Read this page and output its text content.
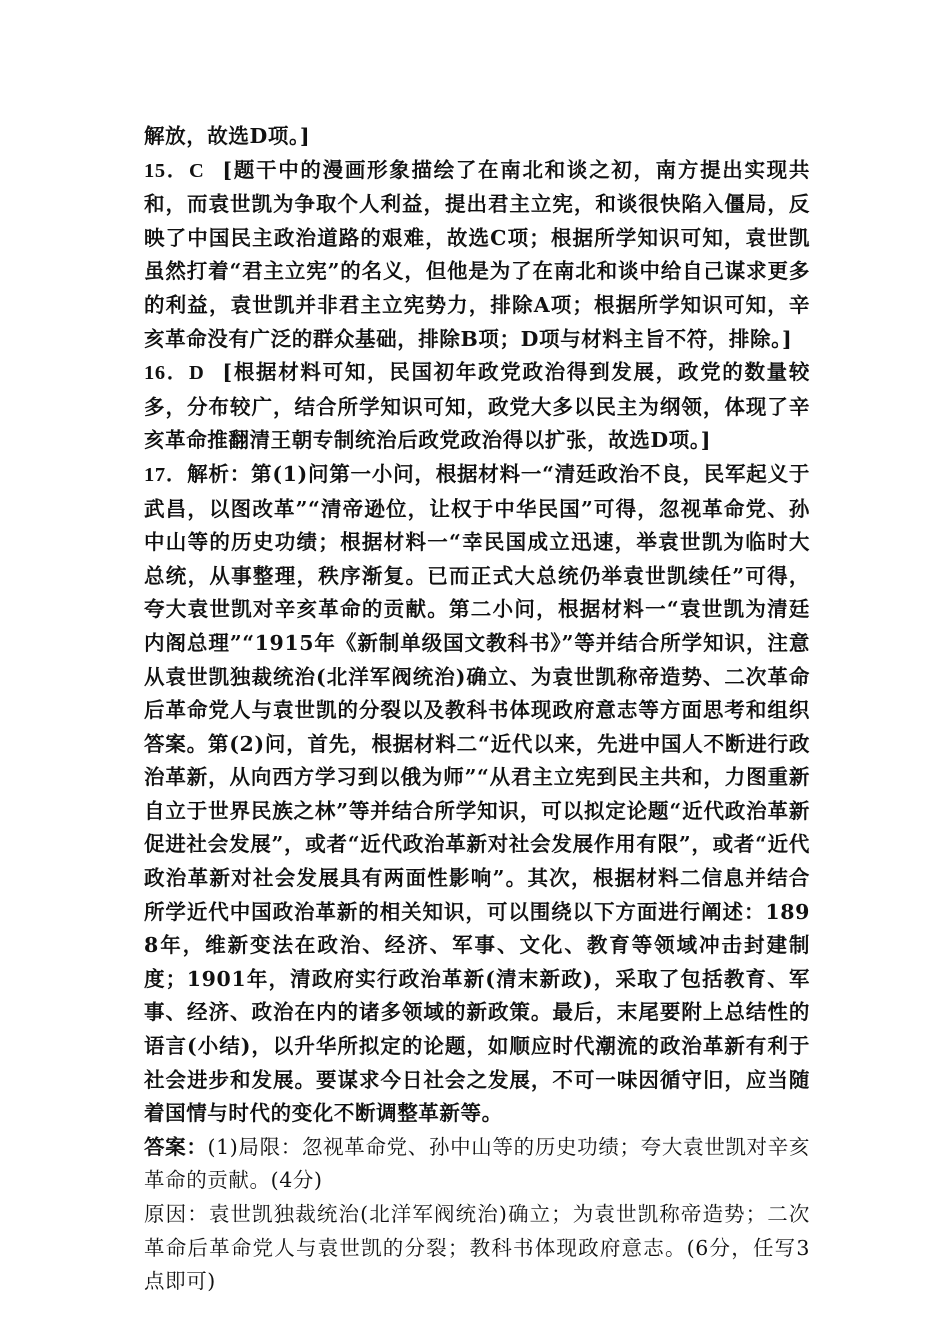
解放，故选D项。]

15．C [题干中的漫画形象描绘了在南北和谈之初，南方提出实现共和，而袁世凯为争取个人利益，提出君主立宪，和谈很快陷入僵局，反映了中国民主政治道路的艰难，故选C项；根据所学知识可知，袁世凯虽然打着“君主立宪”的名义，但他是为了在南北和谈中给自己谋求更多的利益，袁世凯并非君主立宪势力，排除A项；根据所学知识可知，辛亥革命没有广泛的群众基础，排除B项；D项与材料主旨不符，排除。]

16．D [根据材料可知，民国初年政党政治得到发展，政党的数量较多，分布较广，结合所学知识可知，政党大多以民主为纲领，体现了辛亥革命推翻清王朝专制统治后政党政治得以扩张，故选D项。]

17．解析：第(1)问第一小问，根据材料一“清廷政治不良，民军起义于武昌，以图改革”“清帝逊位，让权于中华民国”可得，忽视革命党、孙中山等的历史功绩；根据材料一“幸民国成立迅速，举袁世凯为临时大总统，从事整理，秩序渐复。已而正式大总统仍举袁世凯续任”可得，夸大袁世凯对辛亥革命的贡献。第二小问，根据材料一“袁世凯为清廷内阁总理”“1915年《新制单级国文教科书》”等并结合所学知识，注意从袁世凯独裁统治(北洋军阀统治)确立、为袁世凯称帝造势、二次革命后革命党人与袁世凯的分裂以及教科书体现政府意志等方面思考和组织答案。第(2)问，首先，根据材料二“近代以来，先进中国人不断进行政治革新，从向西方学习到以俄为师”“从君主立宪到民主共和，力图重新自立于世界民族之林”等并结合所学知识，可以拟定论题“近代政治革新促进社会发展”，或者“近代政治革新对社会发展作用有限”，或者“近代政治革新对社会发展具有两面性影响”。其次，根据材料二信息并结合所学近代中国政治革新的相关知识，可以围绕以下方面进行阐述：1898年，维新变法在政治、经济、军事、文化、教育等领域冲击封建制度；1901年，清政府实行政治革新(清末新政)，采取了包括教育、军事、经济、政治在内的诸多领域的新政策。最后，末尾要附上总结性的语言(小结)，以升华所拟定的论题，如顺应时代潮流的政治革新有利于社会进步和发展。要谋求今日社会之发展，不可一味因循守旧，应当随着国情与时代的变化不断调整革新等。

答案：(1)局限：忽视革命党、孙中山等的历史功绩；夸大袁世凯对辛亥革命的贡献。(4分)

原因：袁世凯独裁统治(北洋军阀统治)确立；为袁世凯称帝造势；二次革命后革命党人与袁世凯的分裂；教科书体现政府意志。(6分，任写3点即可)
